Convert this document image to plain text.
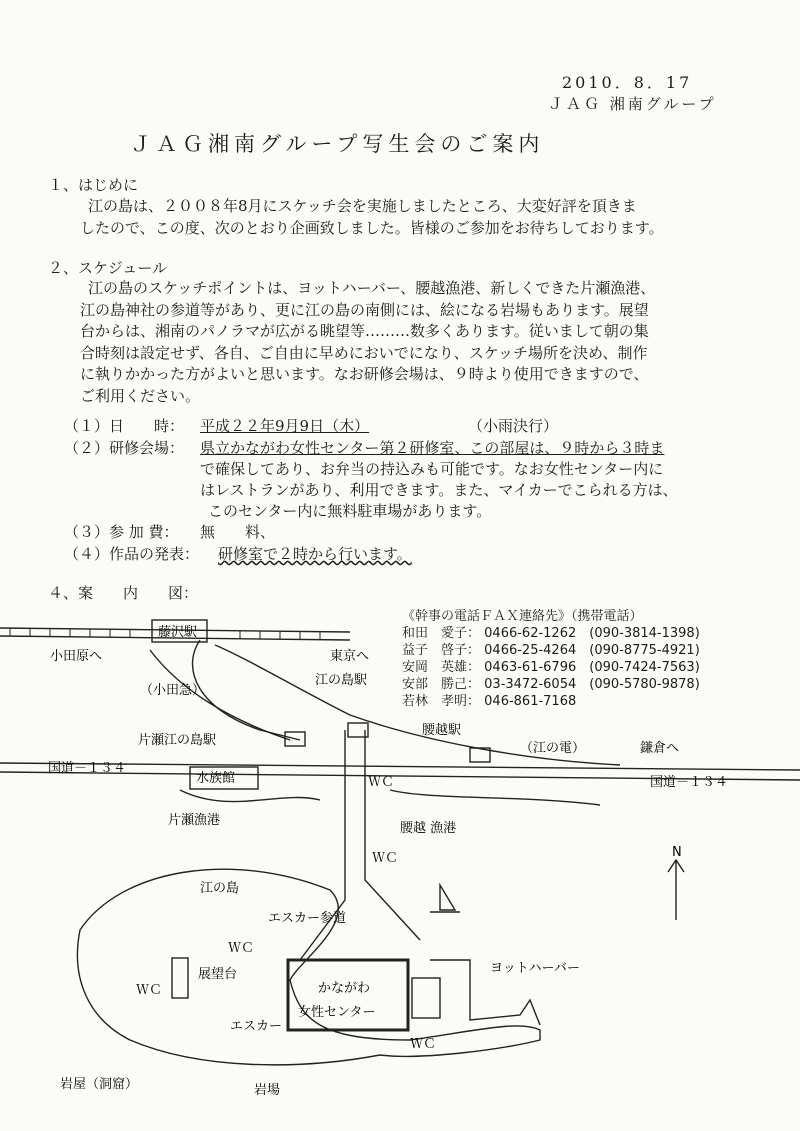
2010．8．17
ＪＡＧ 湘南グループ
ＪＡＧ湘南グループ写生会のご案内
１、はじめに
江の島は、２００８年8月にスケッチ会を実施しましたところ、大変好評を頂きま
したので、この度、次のとおり企画致しました。皆様のご参加をお待ちしております。
２、スケジュール
江の島のスケッチポイントは、ヨットハーバー、腰越漁港、新しくできた片瀬漁港、
江の島神社の参道等があり、更に江の島の南側には、絵になる岩場もあります。展望
台からは、湘南のパノラマが広がる眺望等………数多くあります。従いまして朝の集
合時刻は設定せず、各自、ご自由に早めにおいでになり、スケッチ場所を決め、制作
に執りかかった方がよいと思います。なお研修会場は、９時より使用できますので、
ご利用ください。
（１）日　　時： 平成２２年9月9日（木）	（小雨決行）
（２）研修会場： 県立かながわ女性センター第２研修室、この部屋は、９時から３時ま
で確保してあり、お弁当の持込みも可能です。なお女性センター内に
はレストランがあり、利用できます。また、マイカーでこられる方は、
このセンター内に無料駐車場があります。
（３）参 加 費： 無　　料、
（４）作品の発表： 研修室で２時から行います。
４、案　　内　　図：
藤沢駅
小田原へ	東京へ
江の島駅
（小田急）
片瀬江の島駅
腰越駅
（江の電）	鎌倉へ
国道－１３４
国道－１３４
水族館
片瀬漁港
腰越 漁港
ＷＣ
ＷＣ
ＷＣ
ＷＣ
ＷＣ
江の島
エスカー参道
エスカー
展望台
かながわ
女性センター
ヨットハーバー
岩屋（洞窟）	岩場
N
《幹事の電話ＦＡＸ連絡先》（携帯電話）
和田　愛子： 0466-62-1262　 (090-3814-1398)
益子　啓子： 0466-25-4264　 (090-8775-4921)
安岡　英雄： 0463-61-6796　 (090-7424-7563)
安部　勝己： 03-3472-6054　 (090-5780-9878)
若林　孝明： 046-861-7168
